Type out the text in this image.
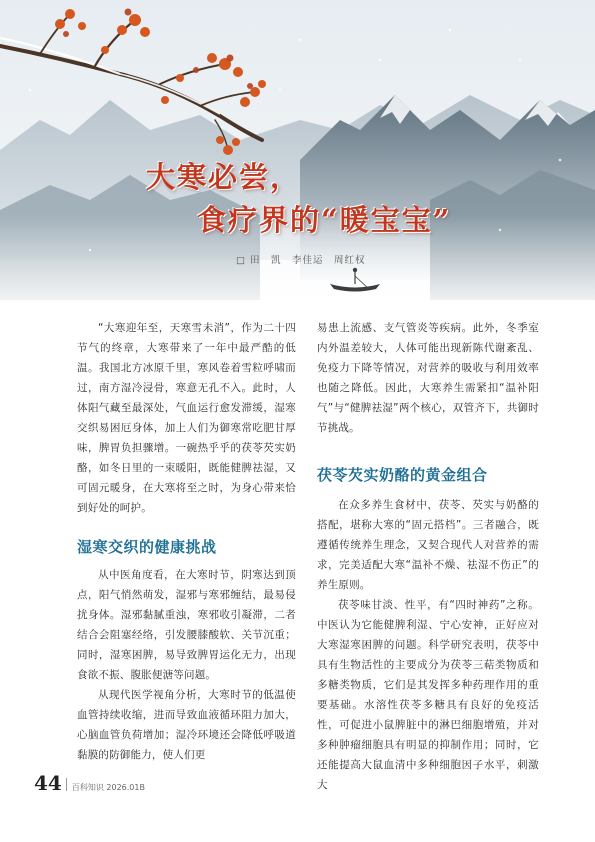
大寒必尝，
食疗界的“暖宝宝”

□ 田　凯　李佳运　周红权

“大寒迎年至，天寒雪未消”，作为二十四节气的终章，大寒带来了一年中最严酷的低温。我国北方冰原千里，寒风卷着雪粒呼啸而过，南方湿冷浸骨，寒意无孔不入。此时，人体阳气藏至最深处，气血运行愈发滞缓，湿寒交织易困厄身体，加上人们为御寒常吃肥甘厚味，脾胃负担骤增。一碗热乎乎的茯苓芡实奶酪，如冬日里的一束暖阳，既能健脾祛湿，又可固元暖身，在大寒将至之时，为身心带来恰到好处的呵护。

湿寒交织的健康挑战

从中医角度看，在大寒时节，阴寒达到顶点，阳气悄然萌发，湿邪与寒邪缠结，最易侵扰身体。湿邪黏腻重浊，寒邪收引凝滞，二者结合会阻塞经络，引发腰膝酸软、关节沉重；同时，湿寒困脾，易导致脾胃运化无力，出现食欲不振、腹胀便溏等问题。

从现代医学视角分析，大寒时节的低温使血管持续收缩，进而导致血液循环阻力加大，心脑血管负荷增加；湿冷环境还会降低呼吸道黏膜的防御能力，使人们更

易患上流感、支气管炎等疾病。此外，冬季室内外温差较大，人体可能出现新陈代谢紊乱、免疫力下降等情况，对营养的吸收与利用效率也随之降低。因此，大寒养生需紧扣“温补阳气”与“健脾祛湿”两个核心，双管齐下，共御时节挑战。

茯苓芡实奶酪的黄金组合

在众多养生食材中，茯苓、芡实与奶酪的搭配，堪称大寒的“固元搭档”。三者融合，既遵循传统养生理念，又契合现代人对营养的需求，完美适配大寒“温补不燥、祛湿不伤正”的养生原则。

茯苓味甘淡、性平，有“四时神药”之称。中医认为它能健脾利湿、宁心安神，正好应对大寒湿寒困脾的问题。科学研究表明，茯苓中具有生物活性的主要成分为茯苓三萜类物质和多糖类物质，它们是其发挥多种药理作用的重要基础。水溶性茯苓多糖具有良好的免疫活性，可促进小鼠脾脏中的淋巴细胞增殖，并对多种肿瘤细胞具有明显的抑制作用；同时，它还能提高大鼠血清中多种细胞因子水平，刺激大

44 百科知识 2026.01B
